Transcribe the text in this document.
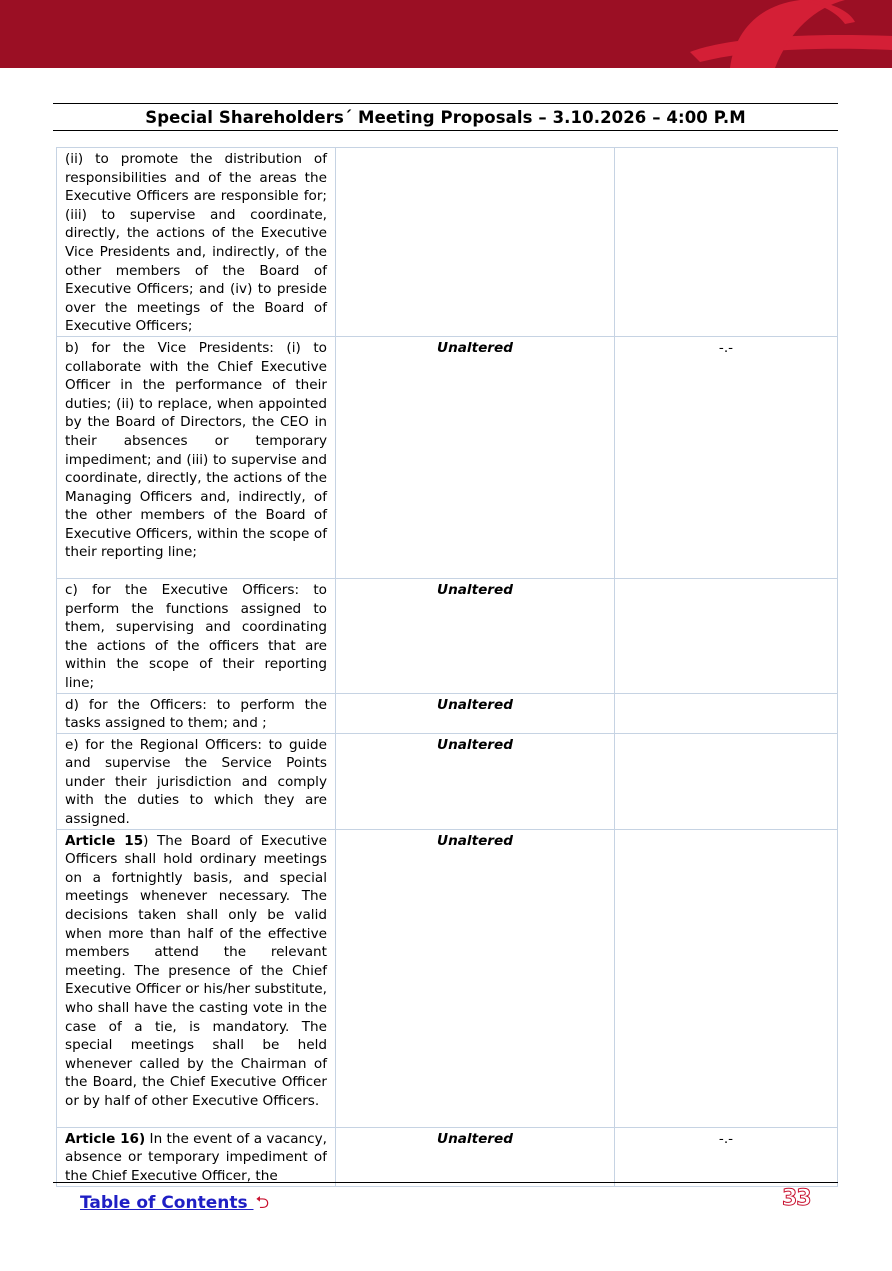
Special Shareholders´ Meeting Proposals – 3.10.2026 – 4:00 P.M
(ii) to promote the distribution of responsibilities and of the areas the Executive Officers are responsible for; (iii) to supervise and coordinate, directly, the actions of the Executive Vice Presidents and, indirectly, of the other members of the Board of Executive Officers; and (iv) to preside over the meetings of the Board of Executive Officers;		
b) for the Vice Presidents: (i) to collaborate with the Chief Executive Officer in the performance of their duties; (ii) to replace, when appointed by the Board of Directors, the CEO in their absences or temporary impediment; and (iii) to supervise and coordinate, directly, the actions of the Managing Officers and, indirectly, of the other members of the Board of Executive Officers, within the scope of their reporting line;	Unaltered	-.-
c) for the Executive Officers: to perform the functions assigned to them, supervising and coordinating the actions of the officers that are within the scope of their reporting line;	Unaltered	
d) for the Officers: to perform the tasks assigned to them; and ;	Unaltered	
e) for the Regional Officers: to guide and supervise the Service Points under their jurisdiction and comply with the duties to which they are assigned.	Unaltered	
Article 15) The Board of Executive Officers shall hold ordinary meetings on a fortnightly basis, and special meetings whenever necessary. The decisions taken shall only be valid when more than half of the effective members attend the relevant meeting. The presence of the Chief Executive Officer or his/her substitute, who shall have the casting vote in the case of a tie, is mandatory. The special meetings shall be held whenever called by the Chairman of the Board, the Chief Executive Officer or by half of other Executive Officers.	Unaltered	

Article 16) In the event of a vacancy, absence or temporary impediment of the Chief Executive Officer, the	Unaltered	-.-
Table of Contents ⮌	33
